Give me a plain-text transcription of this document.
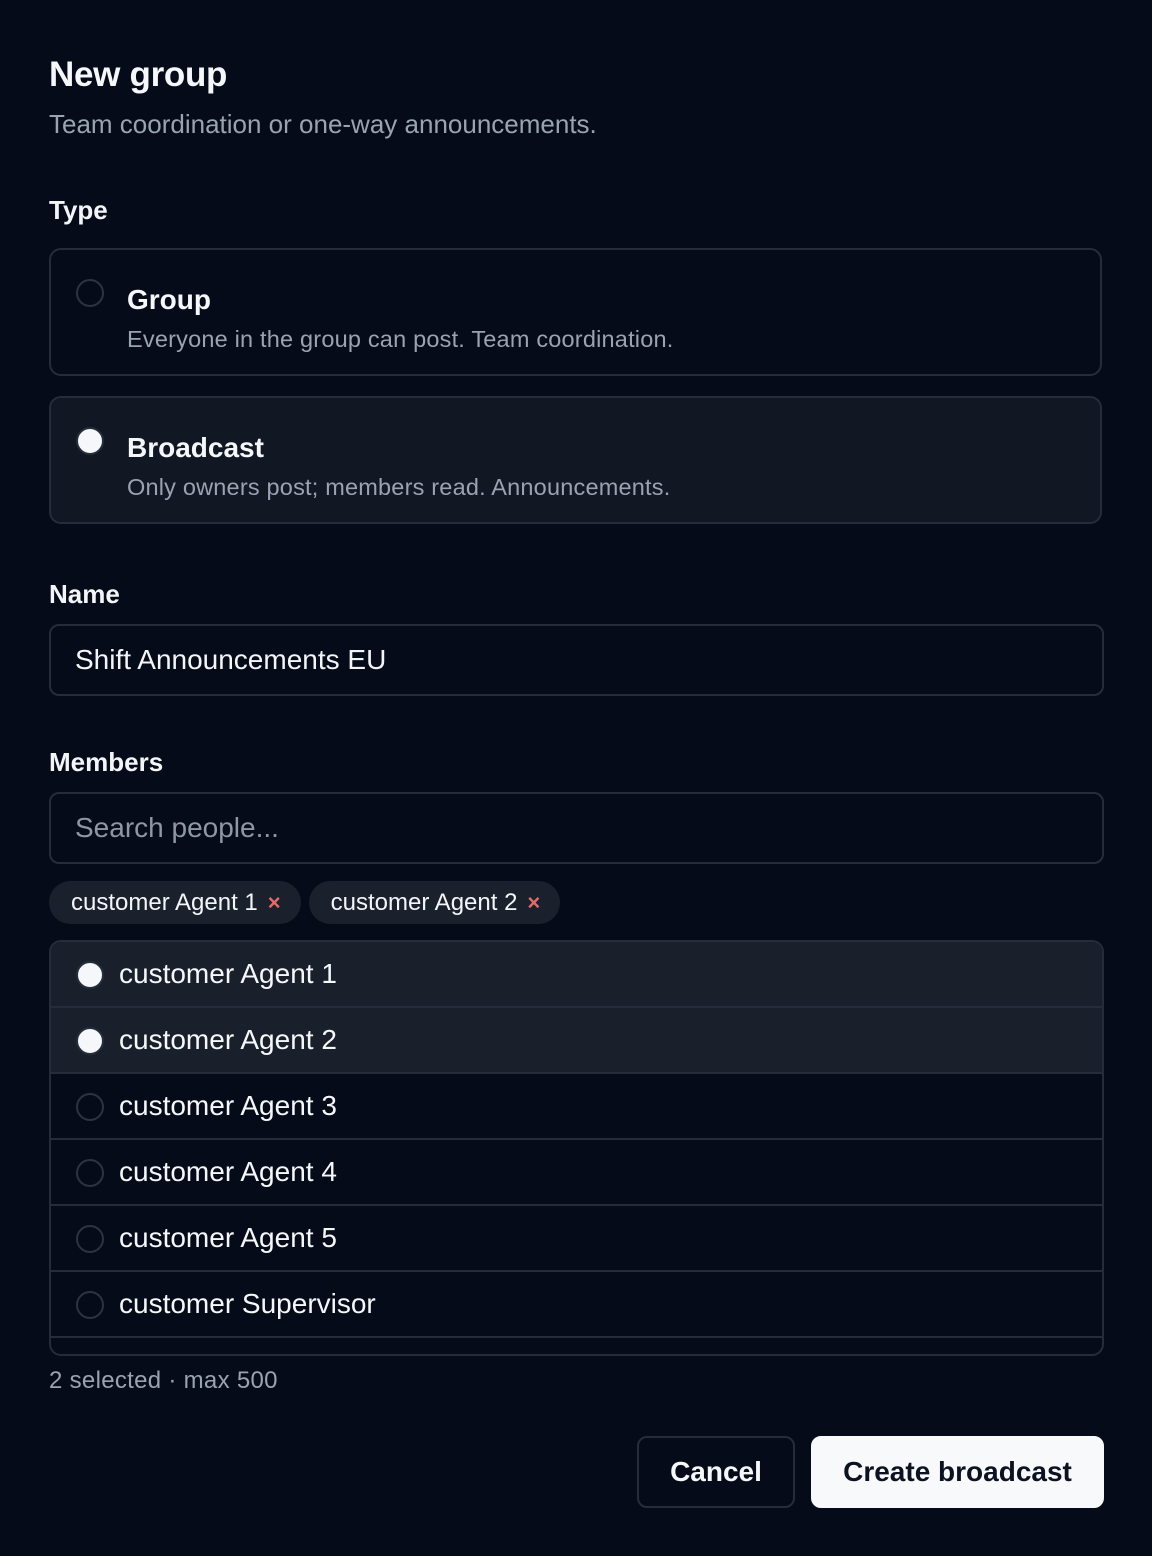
New group
Team coordination or one-way announcements.
Type
Group
Everyone in the group can post. Team coordination.
Broadcast
Only owners post; members read. Announcements.
Name
Shift Announcements EU
Members
Search people...
customer Agent 1 × customer Agent 2 ×
customer Agent 1
customer Agent 2
customer Agent 3
customer Agent 4
customer Agent 5
customer Supervisor
2 selected · max 500
Cancel	Create broadcast
